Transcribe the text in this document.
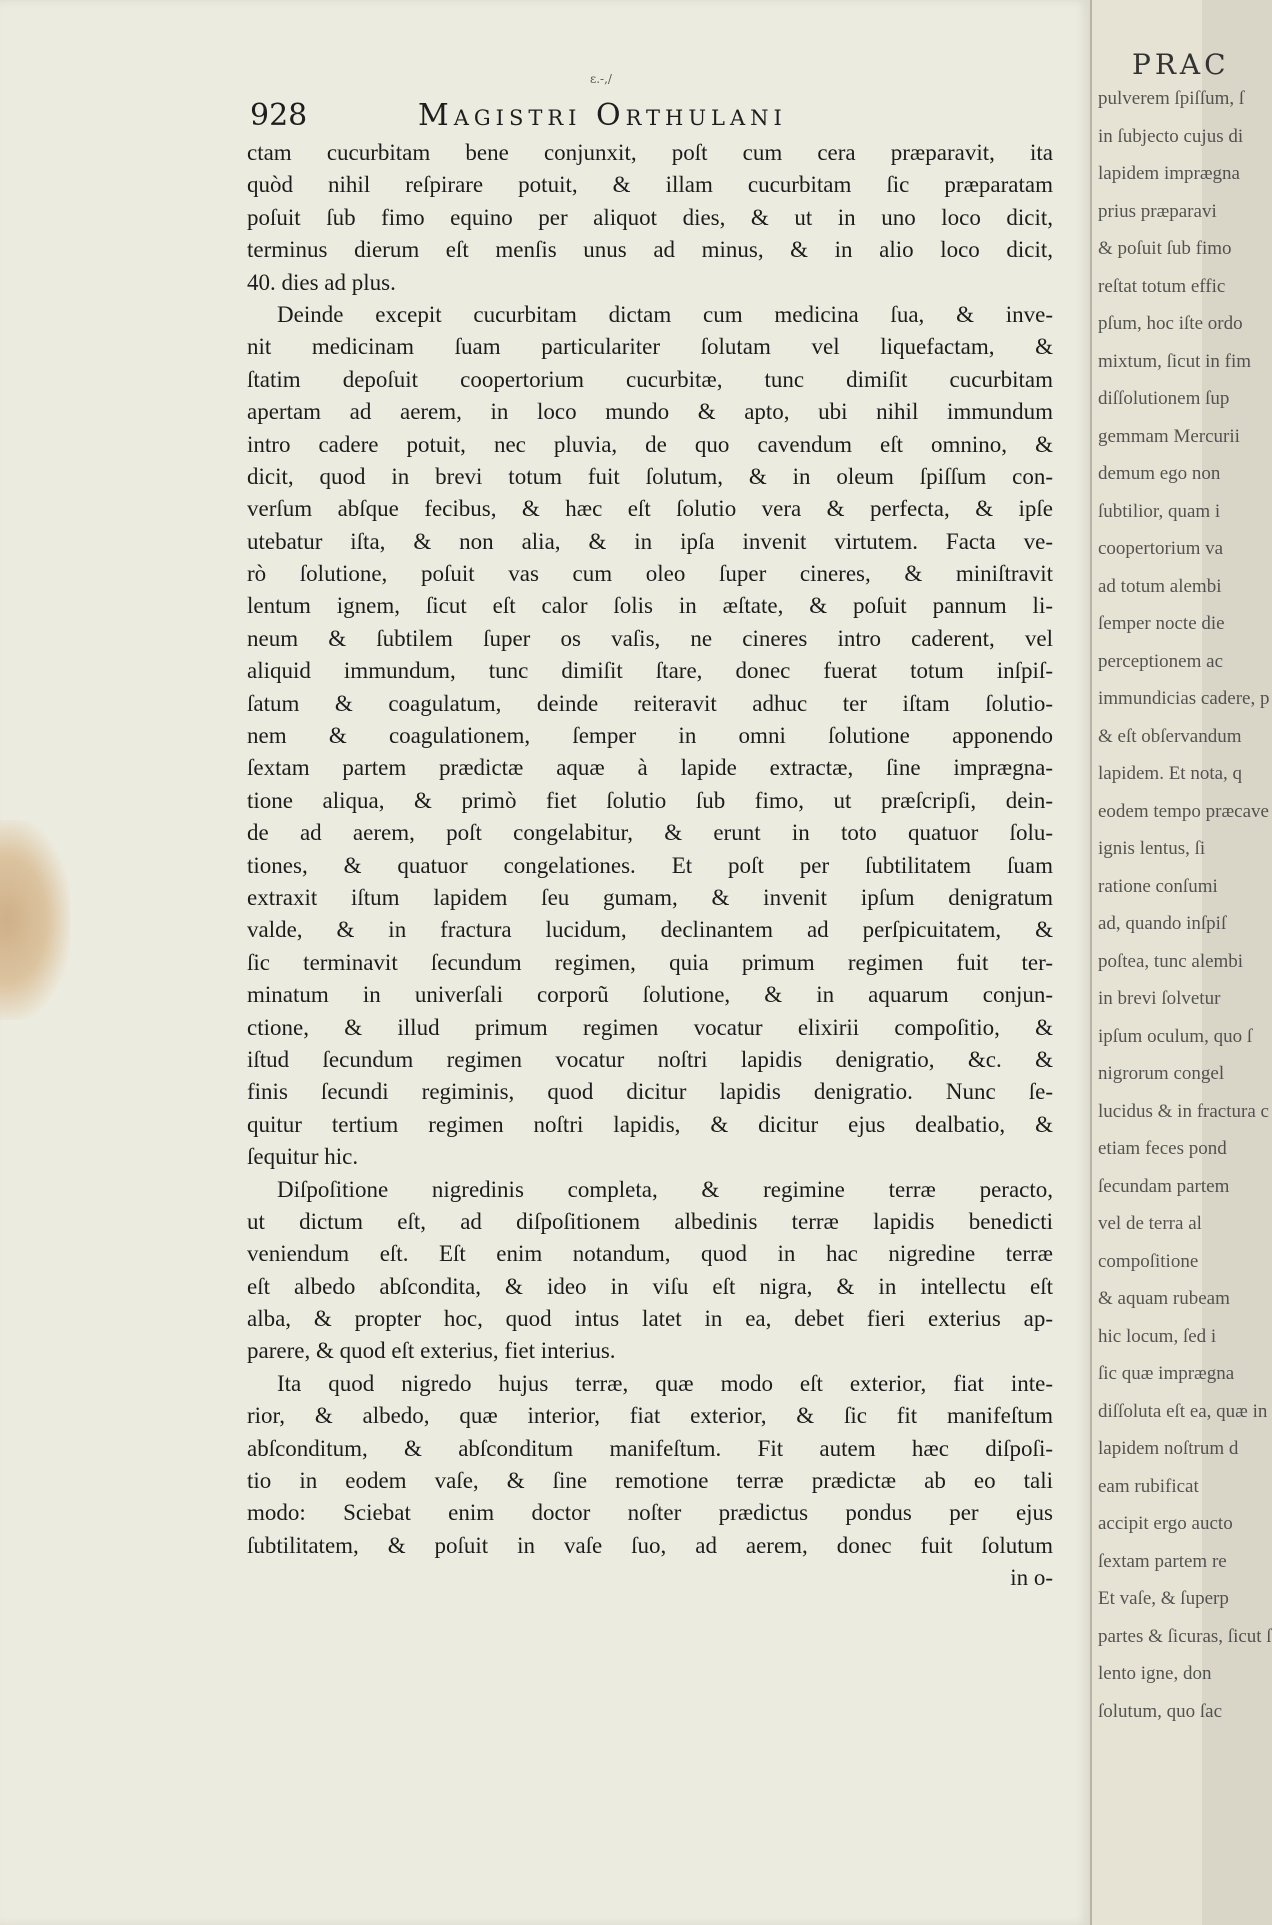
ɛ.-,/
928	Magistri Orthulani
ctam cucurbitam bene conjunxit, poſt cum cera præparavit, ita
quòd nihil reſpirare potuit, & illam cucurbitam ſic præparatam
poſuit ſub fimo equino per aliquot dies, & ut in uno loco dicit,
terminus dierum eſt menſis unus ad minus, & in alio loco dicit,
40. dies ad plus.
Deinde excepit cucurbitam dictam cum medicina ſua, & inve-
nit medicinam ſuam particulariter ſolutam vel liquefactam, &
ſtatim depoſuit coopertorium cucurbitæ, tunc dimiſit cucurbitam
apertam ad aerem, in loco mundo & apto, ubi nihil immundum
intro cadere potuit, nec pluvia, de quo cavendum eſt omnino, &
dicit, quod in brevi totum fuit ſolutum, & in oleum ſpiſſum con-
verſum abſque fecibus, & hæc eſt ſolutio vera & perfecta, & ipſe
utebatur iſta, & non alia, & in ipſa invenit virtutem. Facta ve-
rò ſolutione, poſuit vas cum oleo ſuper cineres, & miniſtravit
lentum ignem, ſicut eſt calor ſolis in æſtate, & poſuit pannum li-
neum & ſubtilem ſuper os vaſis, ne cineres intro caderent, vel
aliquid immundum, tunc dimiſit ſtare, donec fuerat totum inſpiſ-
ſatum & coagulatum, deinde reiteravit adhuc ter iſtam ſolutio-
nem & coagulationem, ſemper in omni ſolutione apponendo
ſextam partem prædictæ aquæ à lapide extractæ, ſine imprægna-
tione aliqua, & primò fiet ſolutio ſub fimo, ut præſcripſi, dein-
de ad aerem, poſt congelabitur, & erunt in toto quatuor ſolu-
tiones, & quatuor congelationes. Et poſt per ſubtilitatem ſuam
extraxit iſtum lapidem ſeu gumam, & invenit ipſum denigratum
valde, & in fractura lucidum, declinantem ad perſpicuitatem, &
ſic terminavit ſecundum regimen, quia primum regimen fuit ter-
minatum in univerſali corporũ ſolutione, & in aquarum conjun-
ctione, & illud primum regimen vocatur elixirii compoſitio, &
iſtud ſecundum regimen vocatur noſtri lapidis denigratio, &c. &
finis ſecundi regiminis, quod dicitur lapidis denigratio. Nunc ſe-
quitur tertium regimen noſtri lapidis, & dicitur ejus dealbatio, &
ſequitur hic.
Diſpoſitione nigredinis completa, & regimine terræ peracto,
ut dictum eſt, ad diſpoſitionem albedinis terræ lapidis benedicti
veniendum eſt. Eſt enim notandum, quod in hac nigredine terræ
eſt albedo abſcondita, & ideo in viſu eſt nigra, & in intellectu eſt
alba, & propter hoc, quod intus latet in ea, debet fieri exterius ap-
parere, & quod eſt exterius, fiet interius.
Ita quod nigredo hujus terræ, quæ modo eſt exterior, fiat inte-
rior, & albedo, quæ interior, fiat exterior, & ſic fit manifeſtum
abſconditum, & abſconditum manifeſtum. Fit autem hæc diſpoſi-
tio in eodem vaſe, & ſine remotione terræ prædictæ ab eo tali
modo: Sciebat enim doctor noſter prædictus pondus per ejus
ſubtilitatem, & poſuit in vaſe ſuo, ad aerem, donec fuit ſolutum
in o-
PRAC
pulverem ſpiſſum, ſ
in ſubjecto cujus di
lapidem imprægna
prius præparavi
& poſuit ſub fimo
reſtat totum effic
pſum, hoc iſte ordo
mixtum, ſicut in fim
diſſolutionem ſup
gemmam Mercurii
demum ego non
ſubtilior, quam i
coopertorium va
ad totum alembi
ſemper nocte die
perceptionem ac
immundicias cadere, p
& eſt obſervandum
lapidem. Et nota, q
eodem tempo præcave
ignis lentus, ſi
ratione conſumi
ad, quando inſpiſ
poſtea, tunc alembi
in brevi ſolvetur
ipſum oculum, quo ſ
nigrorum congel
lucidus & in fractura c
etiam feces pond
ſecundam partem
vel de terra al
compoſitione
& aquam rubeam
hic locum, ſed i
ſic quæ imprægna
diſſoluta eſt ea, quæ in
lapidem noſtrum d
eam rubificat
accipit ergo aucto
ſextam partem re
Et vaſe, & ſuperp
partes & ſicuras, ſicut ſ
lento igne, don
ſolutum, quo ſac
